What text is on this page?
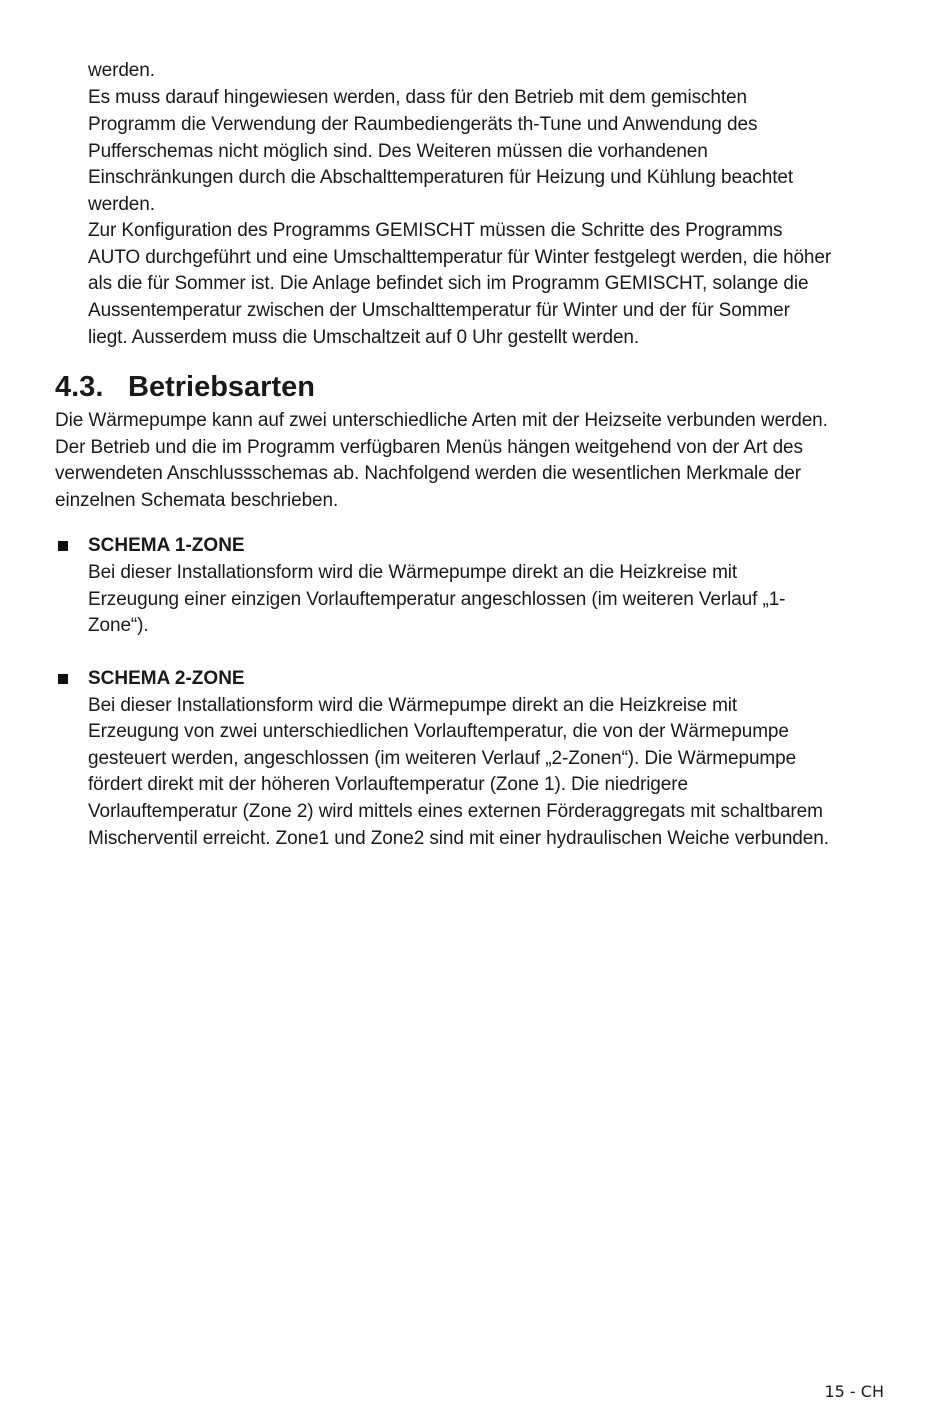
werden.
Es muss darauf hingewiesen werden, dass für den Betrieb mit dem gemischten
Programm die Verwendung der Raumbediengeräts th-Tune und Anwendung des
Pufferschemas nicht möglich sind. Des Weiteren müssen die vorhandenen
Einschränkungen durch die Abschalttemperaturen für Heizung und Kühlung beachtet
werden.
Zur Konfiguration des Programms GEMISCHT müssen die Schritte des Programms
AUTO durchgeführt und eine Umschalttemperatur für Winter festgelegt werden, die höher
als die für Sommer ist. Die Anlage befindet sich im Programm GEMISCHT, solange die
Aussentemperatur zwischen der Umschalttemperatur für Winter und der für Sommer
liegt. Ausserdem muss die Umschaltzeit auf 0 Uhr gestellt werden.
4.3. Betriebsarten
Die Wärmepumpe kann auf zwei unterschiedliche Arten mit der Heizseite verbunden werden.
Der Betrieb und die im Programm verfügbaren Menüs hängen weitgehend von der Art des
verwendeten Anschlussschemas ab. Nachfolgend werden die wesentlichen Merkmale der
einzelnen Schemata beschrieben.
SCHEMA 1-ZONE
Bei dieser Installationsform wird die Wärmepumpe direkt an die Heizkreise mit
Erzeugung einer einzigen Vorlauftemperatur angeschlossen (im weiteren Verlauf „1-
Zone“).
SCHEMA 2-ZONE
Bei dieser Installationsform wird die Wärmepumpe direkt an die Heizkreise mit
Erzeugung von zwei unterschiedlichen Vorlauftemperatur, die von der Wärmepumpe
gesteuert werden, angeschlossen (im weiteren Verlauf „2-Zonen“). Die Wärmepumpe
fördert direkt mit der höheren Vorlauftemperatur (Zone 1). Die niedrigere
Vorlauftemperatur (Zone 2) wird mittels eines externen Förderaggregats mit schaltbarem
Mischerventil erreicht. Zone1 und Zone2 sind mit einer hydraulischen Weiche verbunden.
15 - CH
